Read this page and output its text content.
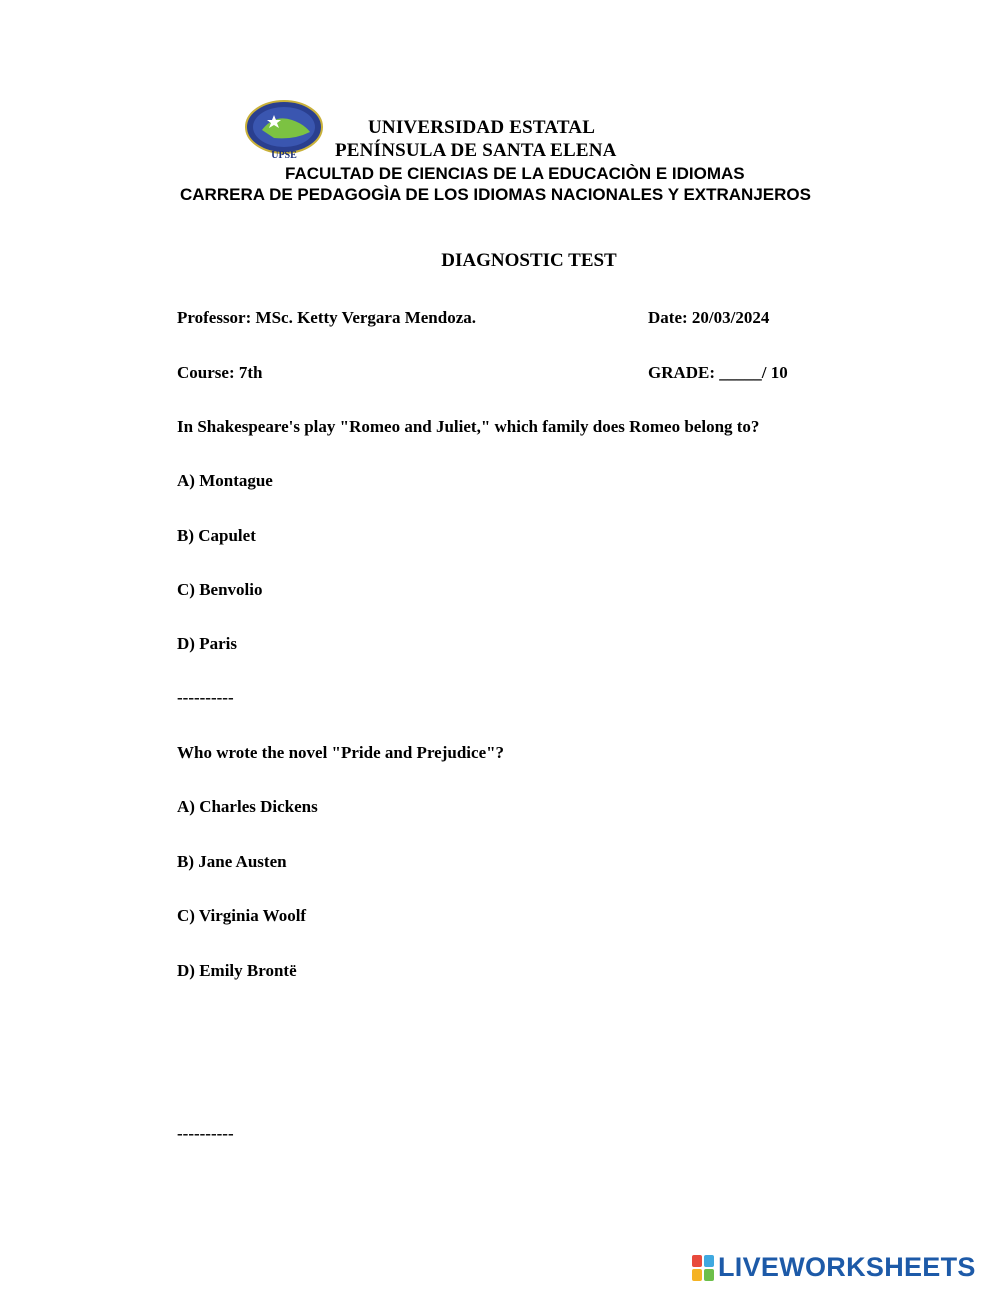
UPSE
UNIVERSIDAD ESTATAL
PENÍNSULA DE SANTA ELENA
FACULTAD DE CIENCIAS DE LA EDUCACIÒN E IDIOMAS
CARRERA DE PEDAGOGÌA DE LOS IDIOMAS NACIONALES Y EXTRANJEROS
DIAGNOSTIC TEST
Professor: MSc. Ketty Vergara Mendoza.	Date: 20/03/2024
Course: 7th	GRADE: _____/ 10
In Shakespeare's play "Romeo and Juliet," which family does Romeo belong to?
A) Montague
B) Capulet
C) Benvolio
D) Paris
----------
Who wrote the novel "Pride and Prejudice"?
A) Charles Dickens
B) Jane Austen
C) Virginia Woolf
D) Emily Brontë
----------
LIVEWORKSHEETS
